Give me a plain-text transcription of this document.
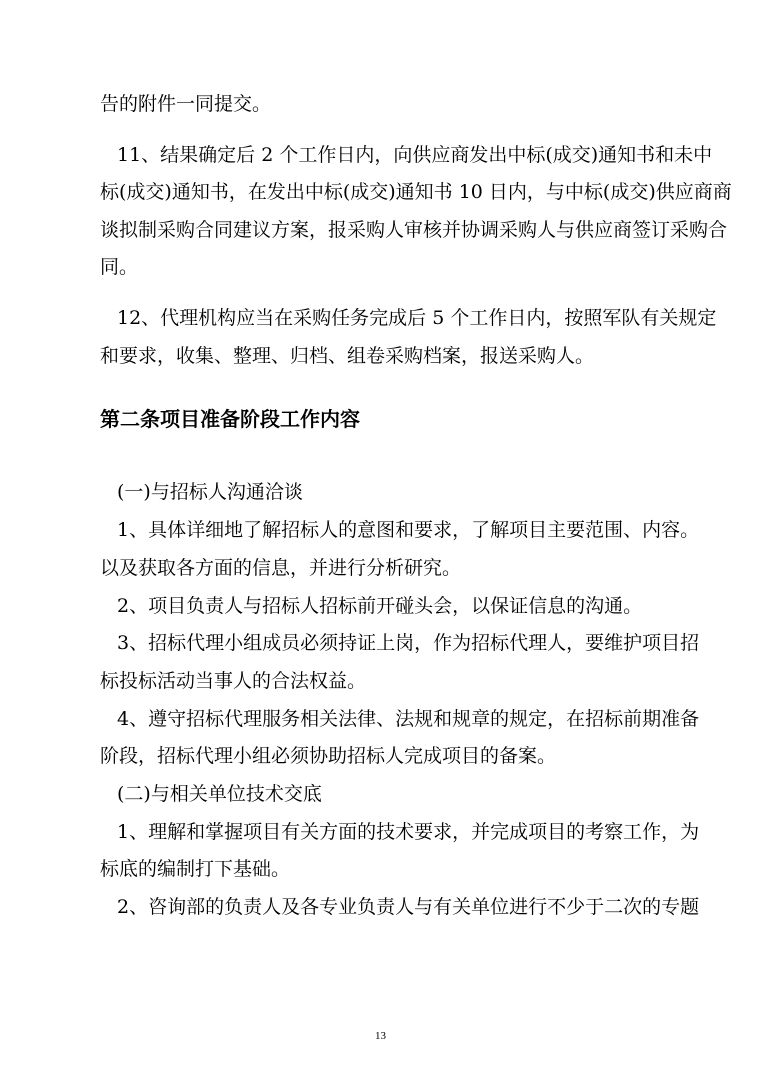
告的附件一同提交。
11、结果确定后 2 个工作日内，向供应商发出中标(成交)通知书和未中
标(成交)通知书，在发出中标(成交)通知书 10 日内，与中标(成交)供应商商
谈拟制采购合同建议方案，报采购人审核并协调采购人与供应商签订采购合
同。
12、代理机构应当在采购任务完成后 5 个工作日内，按照军队有关规定
和要求，收集、整理、归档、组卷采购档案，报送采购人。
第二条项目准备阶段工作内容
(一)与招标人沟通洽谈
1、具体详细地了解招标人的意图和要求，了解项目主要范围、内容。
以及获取各方面的信息，并进行分析研究。
2、项目负责人与招标人招标前开碰头会，以保证信息的沟通。
3、招标代理小组成员必须持证上岗，作为招标代理人，要维护项目招
标投标活动当事人的合法权益。
4、遵守招标代理服务相关法律、法规和规章的规定，在招标前期准备
阶段，招标代理小组必须协助招标人完成项目的备案。
(二)与相关单位技术交底
1、理解和掌握项目有关方面的技术要求，并完成项目的考察工作，为
标底的编制打下基础。
2、咨询部的负责人及各专业负责人与有关单位进行不少于二次的专题
13
